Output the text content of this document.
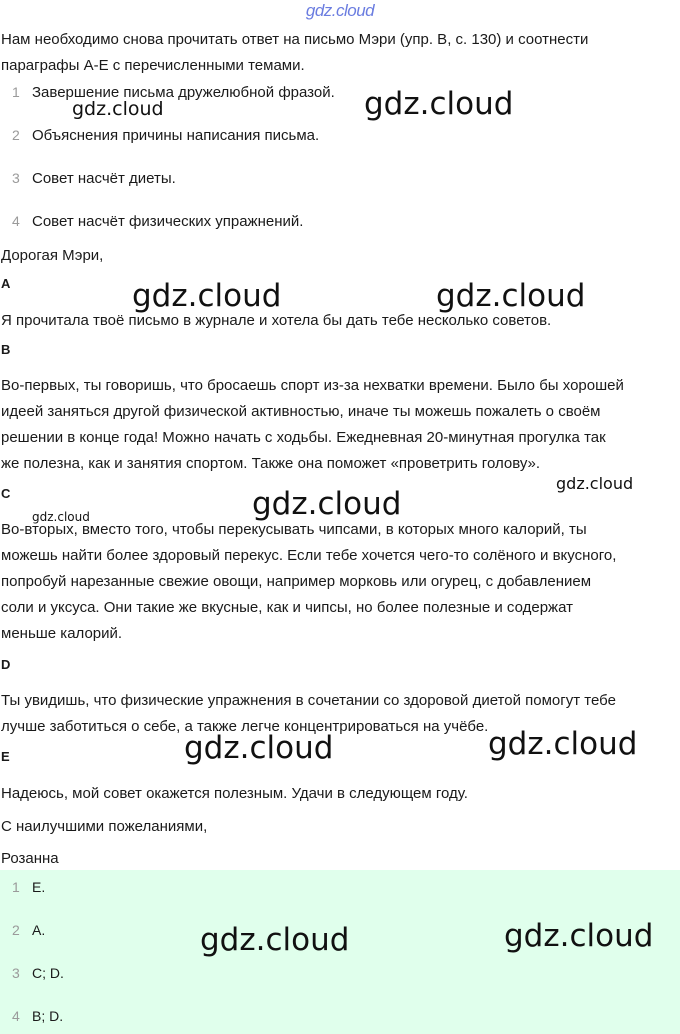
gdz.cloud
Нам необходимо снова прочитать ответ на письмо Мэри (упр. B, с. 130) и соотнести
параграфы А-Е с перечисленными темами.
1 Завершение письма дружелюбной фразой.
2 Объяснения причины написания письма.
3 Совет насчёт диеты.
4 Совет насчёт физических упражнений.
Дорогая Мэри,
A
Я прочитала твоё письмо в журнале и хотела бы дать тебе несколько советов.
B
Во-первых, ты говоришь, что бросаешь спорт из-за нехватки времени. Было бы хорошей
идеей заняться другой физической активностью, иначе ты можешь пожалеть о своём
решении в конце года! Можно начать с ходьбы. Ежедневная 20-минутная прогулка так
же полезна, как и занятия спортом. Также она поможет «проветрить голову».
C
Во-вторых, вместо того, чтобы перекусывать чипсами, в которых много калорий, ты
можешь найти более здоровый перекус. Если тебе хочется чего-то солёного и вкусного,
попробуй нарезанные свежие овощи, например морковь или огурец, с добавлением
соли и уксуса. Они такие же вкусные, как и чипсы, но более полезные и содержат
меньше калорий.
D
Ты увидишь, что физические упражнения в сочетании со здоровой диетой помогут тебе
лучше заботиться о себе, а также легче концентрироваться на учёбе.
E
Надеюсь, мой совет окажется полезным. Удачи в следующем году.
С наилучшими пожеланиями,
Розанна
1 E.
2 A.
3 C; D.
4 B; D.
gdz.cloud	gdz.cloud
gdz.cloud	gdz.cloud
gdz.cloud
gdz.cloud
gdz.cloud
gdz.cloud	gdz.cloud
gdz.cloud	gdz.cloud
